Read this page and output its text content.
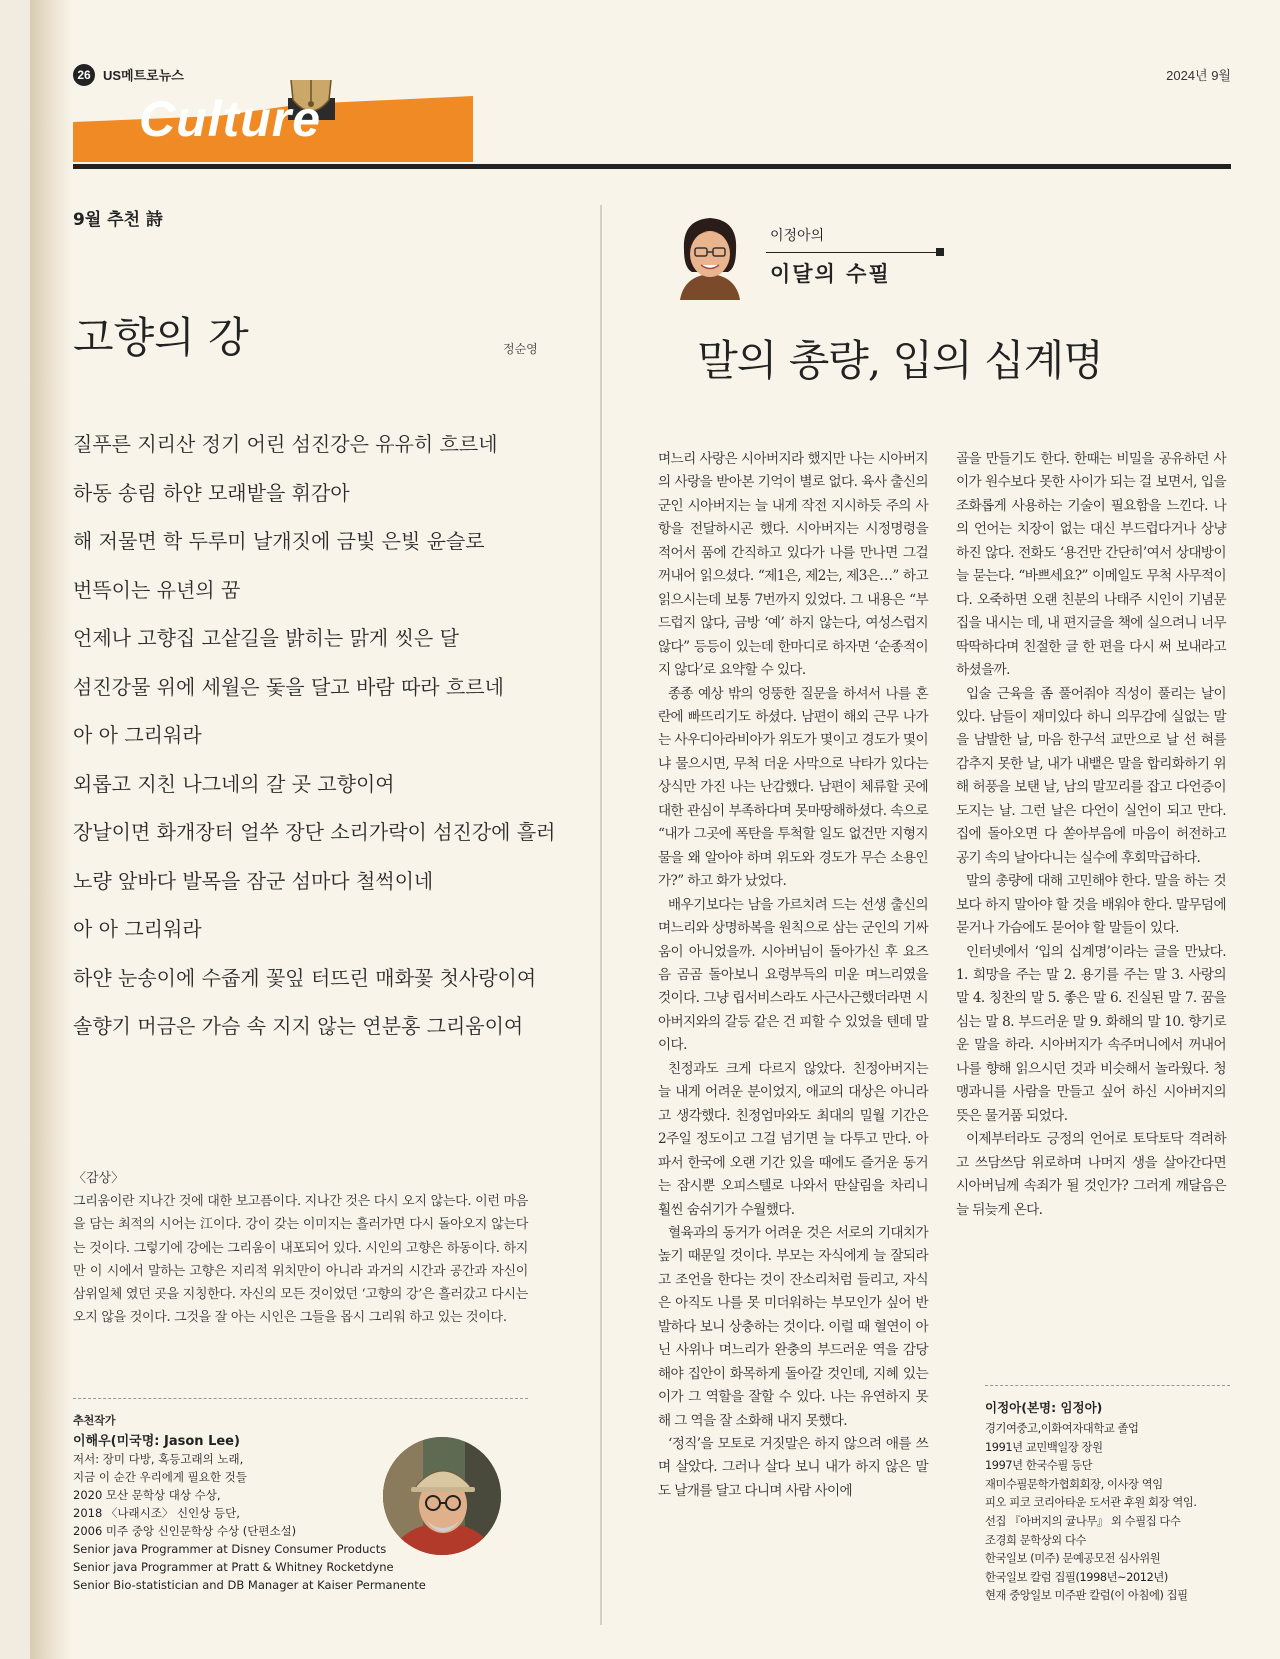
26 US메트로뉴스	2024년 9월
Culture
9월 추천 詩
고향의 강	정순영
질푸른 지리산 정기 어린 섬진강은 유유히 흐르네
하동 송림 하얀 모래밭을 휘감아
해 저물면 학 두루미 날개짓에 금빛 은빛 윤슬로
번뜩이는 유년의 꿈
언제나 고향집 고샅길을 밝히는 맑게 씻은 달
섬진강물 위에 세월은 돛을 달고 바람 따라 흐르네
아 아 그리워라
외롭고 지친 나그네의 갈 곳 고향이여
장날이면 화개장터 얼쑤 장단 소리가락이 섬진강에 흘러
노량 앞바다 발목을 잠군 섬마다 철썩이네
아 아 그리워라
하얀 눈송이에 수줍게 꽃잎 터뜨린 매화꽃 첫사랑이여
솔향기 머금은 가슴 속 지지 않는 연분홍 그리움이여
〈감상〉

그리움이란 지나간 것에 대한 보고픔이다. 지나간 것은 다시 오지 않는다. 이런 마음을 담는 최적의 시어는 江이다. 강이 갖는 이미지는 흘러가면 다시 돌아오지 않는다는 것이다. 그렇기에 강에는 그리움이 내포되어 있다. 시인의 고향은 하동이다. 하지만 이 시에서 말하는 고향은 지리적 위치만이 아니라 과거의 시간과 공간과 자신이 삼위일체 였던 곳을 지칭한다. 자신의 모든 것이었던 ‘고향의 강’은 흘러갔고 다시는 오지 않을 것이다. 그것을 잘 아는 시인은 그들을 몹시 그리워 하고 있는 것이다.

추천작가
이해우(미국명: Jason Lee)
저서: 장미 다방, 혹등고래의 노래,
지금 이 순간 우리에게 필요한 것들
2020 모산 문학상 대상 수상,
2018 〈나래시조〉 신인상 등단,
2006 미주 중앙 신인문학상 수상 (단편소설)
Senior java Programmer at Disney Consumer Products
Senior java Programmer at Pratt & Whitney Rocketdyne
Senior Bio-statistician and DB Manager at Kaiser Permanente
이정아의
이달의 수필
말의 총량, 입의 십계명

며느리 사랑은 시아버지라 했지만 나는 시아버지의 사랑을 받아본 기억이 별로 없다. 육사 출신의 군인 시아버지는 늘 내게 작전 지시하듯 주의 사항을 전달하시곤 했다. 시아버지는 시정명령을 적어서 품에 간직하고 있다가 나를 만나면 그걸 꺼내어 읽으셨다. “제1은, 제2는, 제3은…” 하고 읽으시는데 보통 7번까지 있었다. 그 내용은 “부드럽지 않다, 금방 ‘예’ 하지 않는다, 여성스럽지 않다” 등등이 있는데 한마디로 하자면 ‘순종적이지 않다’로 요약할 수 있다.

종종 예상 밖의 엉뚱한 질문을 하셔서 나를 혼란에 빠뜨리기도 하셨다. 남편이 해외 근무 나가는 사우디아라비아가 위도가 몇이고 경도가 몇이냐 물으시면, 무척 더운 사막으로 낙타가 있다는 상식만 가진 나는 난감했다. 남편이 체류할 곳에 대한 관심이 부족하다며 못마땅해하셨다. 속으로 “내가 그곳에 폭탄을 투척할 일도 없건만 지형지물을 왜 알아야 하며 위도와 경도가 무슨 소용인가?” 하고 화가 났었다.

배우기보다는 남을 가르치려 드는 선생 출신의 며느리와 상명하복을 원칙으로 삼는 군인의 기싸움이 아니었을까. 시아버님이 돌아가신 후 요즈음 곰곰 돌아보니 요령부득의 미운 며느리였을 것이다. 그냥 립서비스라도 사근사근했더라면 시아버지와의 갈등 같은 건 피할 수 있었을 텐데 말이다.

친정과도 크게 다르지 않았다. 친정아버지는 늘 내게 어려운 분이었지, 애교의 대상은 아니라고 생각했다. 친정엄마와도 최대의 밀월 기간은 2주일 정도이고 그걸 넘기면 늘 다투고 만다. 아파서 한국에 오랜 기간 있을 때에도 즐거운 동거는 잠시뿐 오피스텔로 나와서 딴살림을 차리니 훨씬 숨쉬기가 수월했다.

혈육과의 동거가 어려운 것은 서로의 기대치가 높기 때문일 것이다. 부모는 자식에게 늘 잘되라고 조언을 한다는 것이 잔소리처럼 들리고, 자식은 아직도 나를 못 미더워하는 부모인가 싶어 반발하다 보니 상충하는 것이다. 이럴 때 혈연이 아닌 사위나 며느리가 완충의 부드러운 역을 감당해야 집안이 화목하게 돌아갈 것인데, 지혜 있는 이가 그 역할을 잘할 수 있다. 나는 유연하지 못해 그 역을 잘 소화해 내지 못했다.

‘정직’을 모토로 거짓말은 하지 않으려 애를 쓰며 살았다. 그러나 살다 보니 내가 하지 않은 말도 날개를 달고 다니며 사람 사이에

골을 만들기도 한다. 한때는 비밀을 공유하던 사이가 원수보다 못한 사이가 되는 걸 보면서, 입을 조화롭게 사용하는 기술이 필요함을 느낀다. 나의 언어는 치장이 없는 대신 부드럽다거나 상냥하진 않다. 전화도 ‘용건만 간단히’여서 상대방이 늘 묻는다. “바쁘세요?” 이메일도 무척 사무적이다. 오죽하면 오랜 친분의 나태주 시인이 기념문집을 내시는 데, 내 편지글을 책에 실으려니 너무 딱딱하다며 친절한 글 한 편을 다시 써 보내라고 하셨을까.

입술 근육을 좀 풀어줘야 직성이 풀리는 날이 있다. 남들이 재미있다 하니 의무감에 실없는 말을 남발한 날, 마음 한구석 교만으로 날 선 혀를 감추지 못한 날, 내가 내뱉은 말을 합리화하기 위해 허풍을 보탠 날, 남의 말꼬리를 잡고 다언증이 도지는 날. 그런 날은 다언이 실언이 되고 만다. 집에 돌아오면 다 쏟아부음에 마음이 허전하고 공기 속의 날아다니는 실수에 후회막급하다.

말의 총량에 대해 고민해야 한다. 말을 하는 것보다 하지 말아야 할 것을 배워야 한다. 말무덤에 묻거나 가슴에도 묻어야 할 말들이 있다.

인터넷에서 ‘입의 십계명’이라는 글을 만났다. 1. 희망을 주는 말 2. 용기를 주는 말 3. 사랑의 말 4. 칭찬의 말 5. 좋은 말 6. 진실된 말 7. 꿈을 심는 말 8. 부드러운 말 9. 화해의 말 10. 향기로운 말을 하라. 시아버지가 속주머니에서 꺼내어 나를 향해 읽으시던 것과 비슷해서 놀라웠다. 청맹과니를 사람을 만들고 싶어 하신 시아버지의 뜻은 물거품 되었다.

이제부터라도 긍정의 언어로 토닥토닥 격려하고 쓰담쓰담 위로하며 나머지 생을 살아간다면 시아버님께 속죄가 될 것인가? 그러게 깨달음은 늘 뒤늦게 온다.

이정아(본명: 임정아)
경기여중고,이화여자대학교 졸업
1991년 교민백일장 장원
1997년 한국수필 등단
재미수필문학가협회회장, 이사장 역임
피오 피코 코리아타운 도서관 후원 회장 역임.
선집 『아버지의 귤나무』 외 수필집 다수
조경희 문학상외 다수
한국일보 (미주) 문예공모전 심사위원
한국일보 칼럼 집필(1998년~2012년)
현재 중앙일보 미주판 칼럼(이 아침에) 집필
